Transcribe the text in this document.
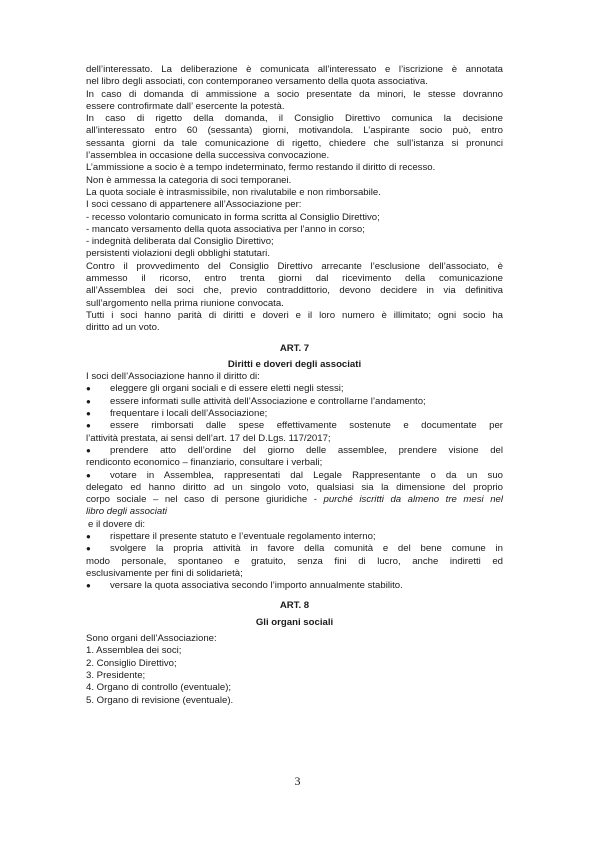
dell’interessato. La deliberazione è comunicata all’interessato e l’iscrizione è annotata

nel libro degli associati, con contemporaneo versamento della quota associativa.

In caso di domanda di ammissione a socio presentate da minori, le stesse dovranno

essere controfirmate dall’ esercente la potestà.

In caso di rigetto della domanda, il Consiglio Direttivo comunica la decisione

all’interessato entro 60 (sessanta) giorni, motivandola. L’aspirante socio può, entro

sessanta giorni da tale comunicazione di rigetto, chiedere che sull’istanza si pronunci

l’assemblea in occasione della successiva convocazione.

L’ammissione a socio è a tempo indeterminato, fermo restando il diritto di recesso.

Non è ammessa la categoria di soci temporanei.

La quota sociale è intrasmissibile, non rivalutabile e non rimborsabile.

I soci cessano di appartenere all’Associazione per:

- recesso volontario comunicato in forma scritta al Consiglio Direttivo;

- mancato versamento della quota associativa per l’anno in corso;

- indegnità deliberata dal Consiglio Direttivo;

persistenti violazioni degli obblighi statutari.

Contro il provvedimento del Consiglio Direttivo arrecante l’esclusione dell’associato, è

ammesso il ricorso, entro trenta giorni dal ricevimento della comunicazione

all’Assemblea dei soci che, previo contraddittorio, devono decidere in via definitiva

sull’argomento nella prima riunione convocata.

Tutti i soci hanno parità di diritti e doveri e il loro numero è illimitato; ogni socio ha

diritto ad un voto.

ART. 7

Diritti e doveri degli associati

I soci dell’Associazione hanno il diritto di:

●	eleggere gli organi sociali e di essere eletti negli stessi;
●	essere informati sulle attività dell’Associazione e controllarne l’andamento;
●	frequentare i locali dell’Associazione;
●	essere rimborsati dalle spese effettivamente sostenute e documentate per

l’attività prestata, ai sensi dell’art. 17 del D.Lgs. 117/2017;

●	prendere atto dell’ordine del giorno delle assemblee, prendere visione del

rendiconto economico – finanziario, consultare i verbali;

●	votare in Assemblea, rappresentati dal Legale Rappresentante o da un suo

delegato ed hanno diritto ad un singolo voto, qualsiasi sia la dimensione del proprio

corpo sociale – nel caso di persone giuridiche - purché iscritti da almeno tre mesi nel

libro degli associati

e il dovere di:

●	rispettare il presente statuto e l’eventuale regolamento interno;
●	svolgere la propria attività in favore della comunità e del bene comune in

modo personale, spontaneo e gratuito, senza fini di lucro, anche indiretti ed

esclusivamente per fini di solidarietà;

●	versare la quota associativa secondo l’importo annualmente stabilito.

ART. 8

Gli organi sociali

Sono organi dell’Associazione:

1. Assemblea dei soci;

2. Consiglio Direttivo;

3. Presidente;

4. Organo di controllo (eventuale);

5. Organo di revisione (eventuale).

3
